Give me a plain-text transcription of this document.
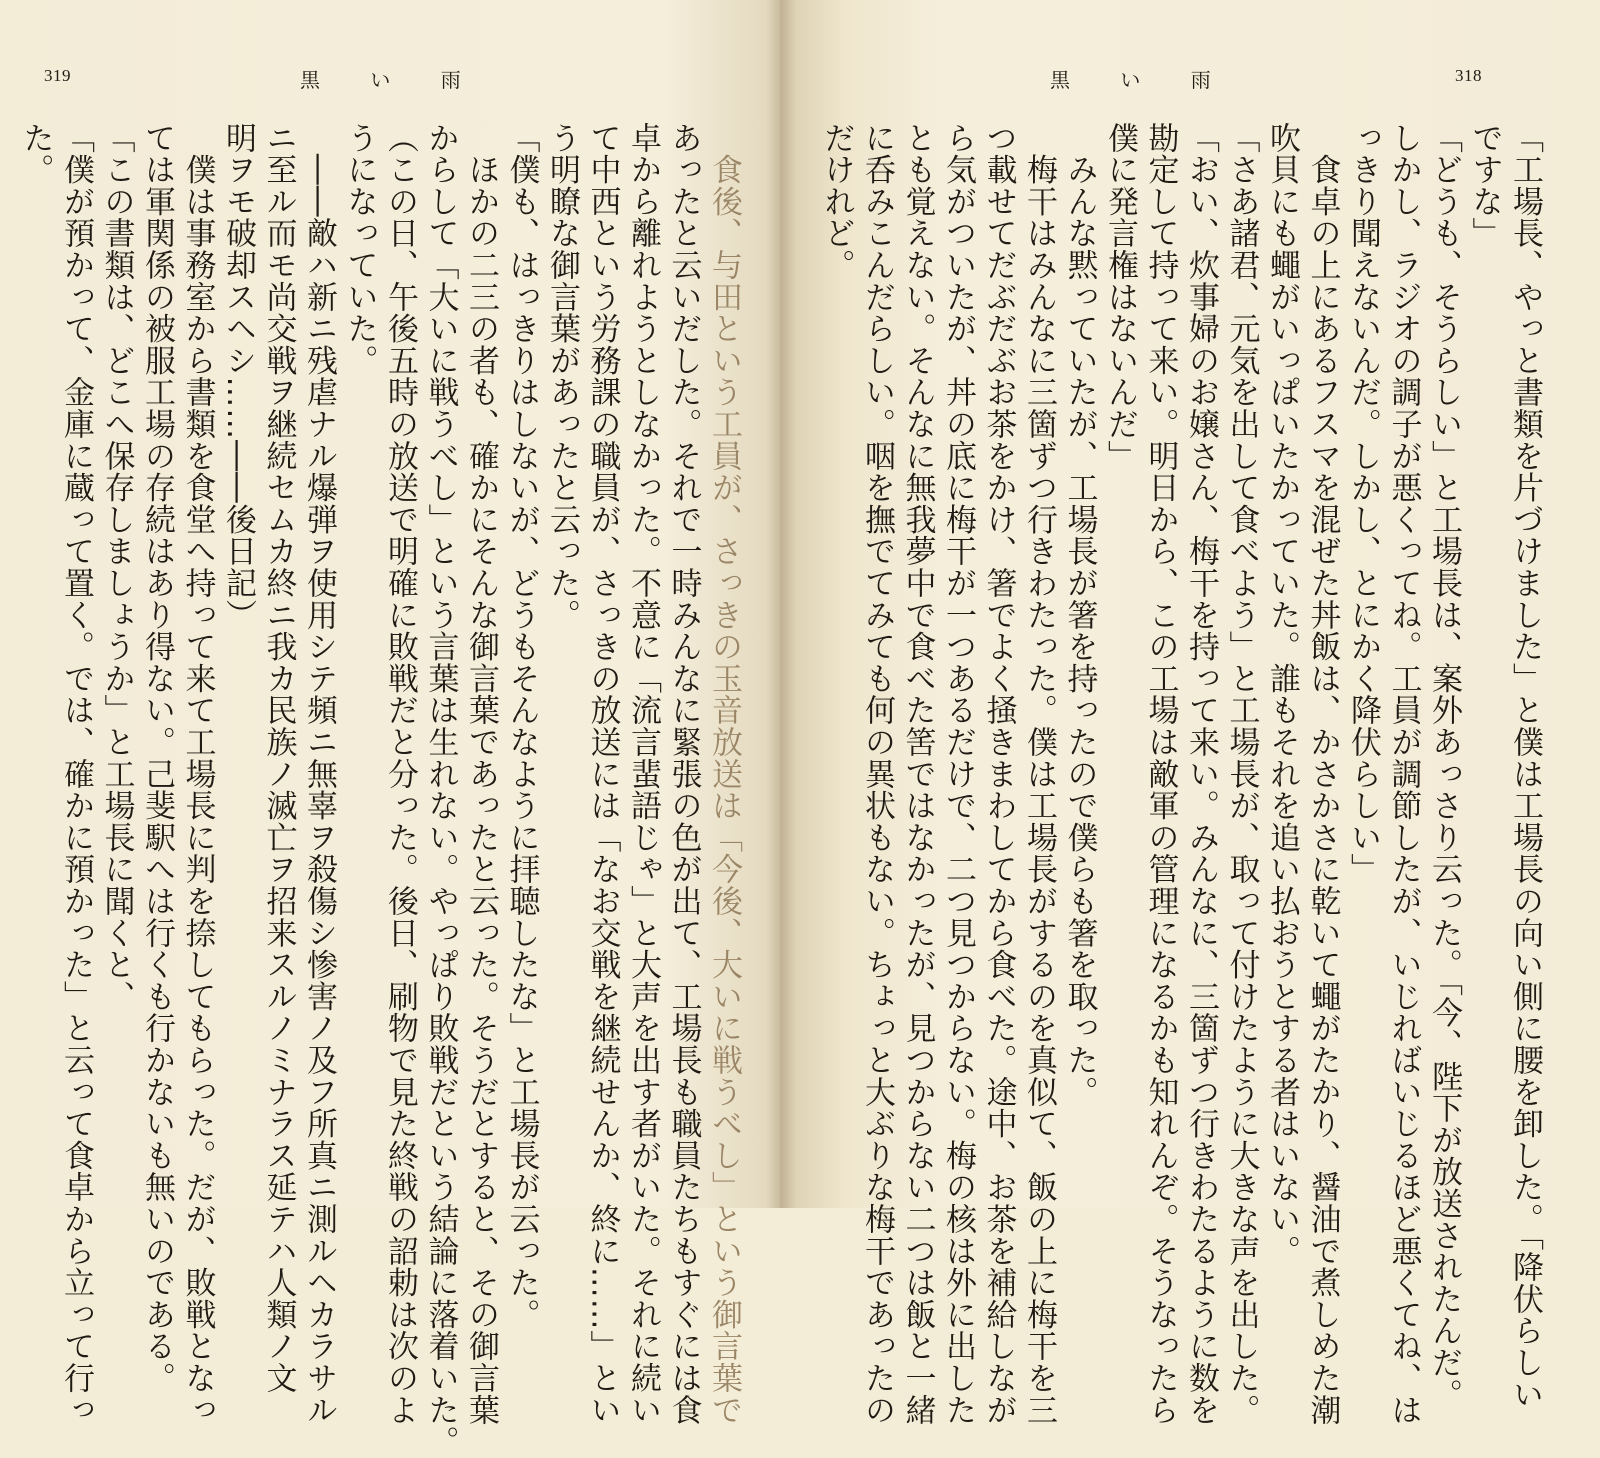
319	黒 い 雨
　食後、与田という工員が、さっきの玉音放送は「今後、大いに戦うべし」という御言葉で
あったと云いだした。それで一時みんなに緊張の色が出て、工場長も職員たちもすぐには食
卓から離れようとしなかった。不意に「流言蜚語じゃ」と大声を出す者がいた。それに続い
て中西という労務課の職員が、さっきの放送には「なお交戦を継続せんか、終に……」とい
う明瞭な御言葉があったと云った。
「僕も、はっきりはしないが、どうもそんなように拝聴したな」と工場長が云った。
　ほかの二三の者も、確かにそんな御言葉であったと云った。そうだとすると、その御言葉
からして「大いに戦うべし」という言葉は生れない。やっぱり敗戦だという結論に落着いた。
（この日、午後五時の放送で明確に敗戦だと分った。後日、刷物で見た終戦の詔勅は次のよ
うになっていた。
　――敵ハ新ニ残虐ナル爆弾ヲ使用シテ頻ニ無辜ヲ殺傷シ惨害ノ及フ所真ニ測ルヘカラサル
ニ至ル而モ尚交戦ヲ継続セムカ終ニ我カ民族ノ滅亡ヲ招来スルノミナラス延テハ人類ノ文
明ヲモ破却スヘシ……――後日記）
　僕は事務室から書類を食堂へ持って来て工場長に判を捺してもらった。だが、敗戦となっ
ては軍関係の被服工場の存続はあり得ない。己斐駅へは行くも行かないも無いのである。
「この書類は、どこへ保存しましょうか」と工場長に聞くと、
「僕が預かって、金庫に蔵って置く。では、確かに預かった」と云って食卓から立って行っ
た。
黒 い 雨	318
「工場長、やっと書類を片づけました」と僕は工場長の向い側に腰を卸した。「降伏らしい
ですな」
「どうも、そうらしい」と工場長は、案外あっさり云った。「今、陛下が放送されたんだ。
しかし、ラジオの調子が悪くってね。工員が調節したが、いじればいじるほど悪くてね、は
っきり聞えないんだ。しかし、とにかく降伏らしい」
　食卓の上にあるフスマを混ぜた丼飯は、かさかさに乾いて蠅がたかり、醤油で煮しめた潮
吹貝にも蠅がいっぱいたかっていた。誰もそれを追い払おうとする者はいない。
「さあ諸君、元気を出して食べよう」と工場長が、取って付けたように大きな声を出した。
「おい、炊事婦のお嬢さん、梅干を持って来い。みんなに、三箇ずつ行きわたるように数を
勘定して持って来い。明日から、この工場は敵軍の管理になるかも知れんぞ。そうなったら
僕に発言権はないんだ」
　みんな黙っていたが、工場長が箸を持ったので僕らも箸を取った。
　梅干はみんなに三箇ずつ行きわたった。僕は工場長がするのを真似て、飯の上に梅干を三
つ載せてだぶだぶお茶をかけ、箸でよく掻きまわしてから食べた。途中、お茶を補給しなが
ら気がついたが、丼の底に梅干が一つあるだけで、二つ見つからない。梅の核は外に出した
とも覚えない。そんなに無我夢中で食べた筈ではなかったが、見つからない二つは飯と一緒
に呑みこんだらしい。咽を撫でてみても何の異状もない。ちょっと大ぶりな梅干であったの
だけれど。
